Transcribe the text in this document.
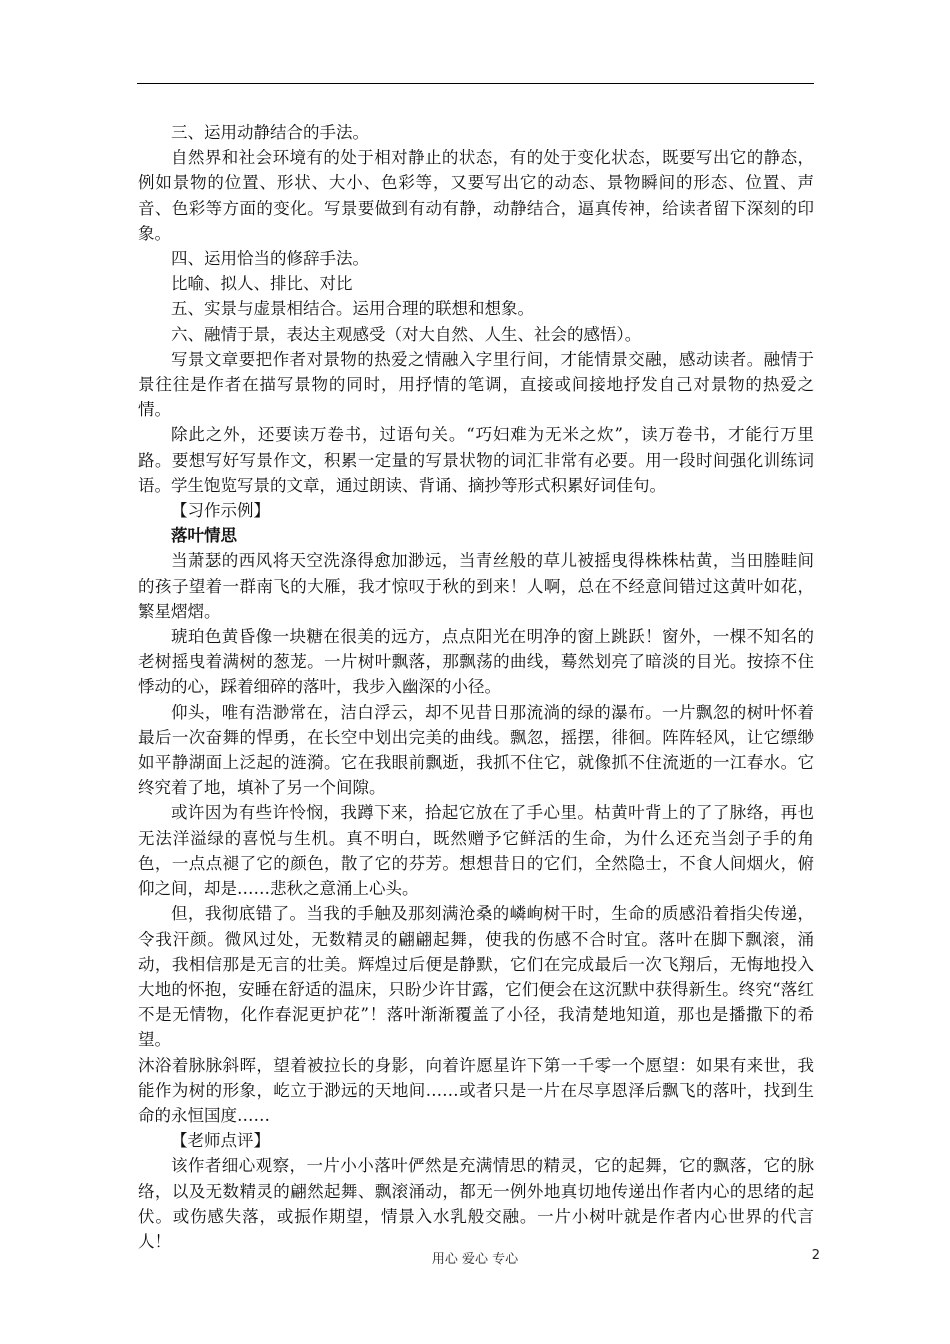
三、运用动静结合的手法。

自然界和社会环境有的处于相对静止的状态，有的处于变化状态，既要写出它的静态，例如景物的位置、形状、大小、色彩等，又要写出它的动态、景物瞬间的形态、位置、声音、色彩等方面的变化。写景要做到有动有静，动静结合，逼真传神，给读者留下深刻的印象。

四、运用恰当的修辞手法。

比喻、拟人、排比、对比

五、实景与虚景相结合。运用合理的联想和想象。

六、融情于景，表达主观感受（对大自然、人生、社会的感悟）。

写景文章要把作者对景物的热爱之情融入字里行间，才能情景交融，感动读者。融情于景往往是作者在描写景物的同时，用抒情的笔调，直接或间接地抒发自己对景物的热爱之情。

除此之外，还要读万卷书，过语句关。“巧妇难为无米之炊”，读万卷书，才能行万里路。要想写好写景作文，积累一定量的写景状物的词汇非常有必要。用一段时间强化训练词语。学生饱览写景的文章，通过朗读、背诵、摘抄等形式积累好词佳句。

【习作示例】

落叶情思

当萧瑟的西风将天空洗涤得愈加渺远，当青丝般的草儿被摇曳得株株枯黄，当田塍畦间的孩子望着一群南飞的大雁，我才惊叹于秋的到来！人啊，总在不经意间错过这黄叶如花，繁星熠熠。

琥珀色黄昏像一块糖在很美的远方，点点阳光在明净的窗上跳跃！窗外，一棵不知名的老树摇曳着满树的葱茏。一片树叶飘落，那飘荡的曲线，蓦然划亮了暗淡的目光。按捺不住悸动的心，踩着细碎的落叶，我步入幽深的小径。

仰头，唯有浩渺常在，洁白浮云，却不见昔日那流淌的绿的瀑布。一片飘忽的树叶怀着最后一次奋舞的悍勇，在长空中划出完美的曲线。飘忽，摇摆，徘徊。阵阵轻风，让它缥缈如平静湖面上泛起的涟漪。它在我眼前飘逝，我抓不住它，就像抓不住流逝的一江春水。它终究着了地，填补了另一个间隙。

或许因为有些许怜悯，我蹲下来，拾起它放在了手心里。枯黄叶背上的了了脉络，再也无法洋溢绿的喜悦与生机。真不明白，既然赠予它鲜活的生命，为什么还充当刽子手的角色，一点点褪了它的颜色，散了它的芬芳。想想昔日的它们，全然隐士，不食人间烟火，俯仰之间，却是……悲秋之意涌上心头。

但，我彻底错了。当我的手触及那刻满沧桑的嶙峋树干时，生命的质感沿着指尖传递，令我汗颜。微风过处，无数精灵的翩翩起舞，使我的伤感不合时宜。落叶在脚下飘滚，涌动，我相信那是无言的壮美。辉煌过后便是静默，它们在完成最后一次飞翔后，无悔地投入大地的怀抱，安睡在舒适的温床，只盼少许甘露，它们便会在这沉默中获得新生。终究“落红不是无情物，化作春泥更护花”！落叶渐渐覆盖了小径，我清楚地知道，那也是播撒下的希望。

沐浴着脉脉斜晖，望着被拉长的身影，向着许愿星许下第一千零一个愿望：如果有来世，我能作为树的形象，屹立于渺远的天地间……或者只是一片在尽享恩泽后飘飞的落叶，找到生命的永恒国度……

【老师点评】

该作者细心观察，一片小小落叶俨然是充满情思的精灵，它的起舞，它的飘落，它的脉络，以及无数精灵的翩然起舞、飘滚涌动，都无一例外地真切地传递出作者内心的思绪的起伏。或伤感失落，或振作期望，情景入水乳般交融。一片小树叶就是作者内心世界的代言人！

用心 爱心 专心	2
